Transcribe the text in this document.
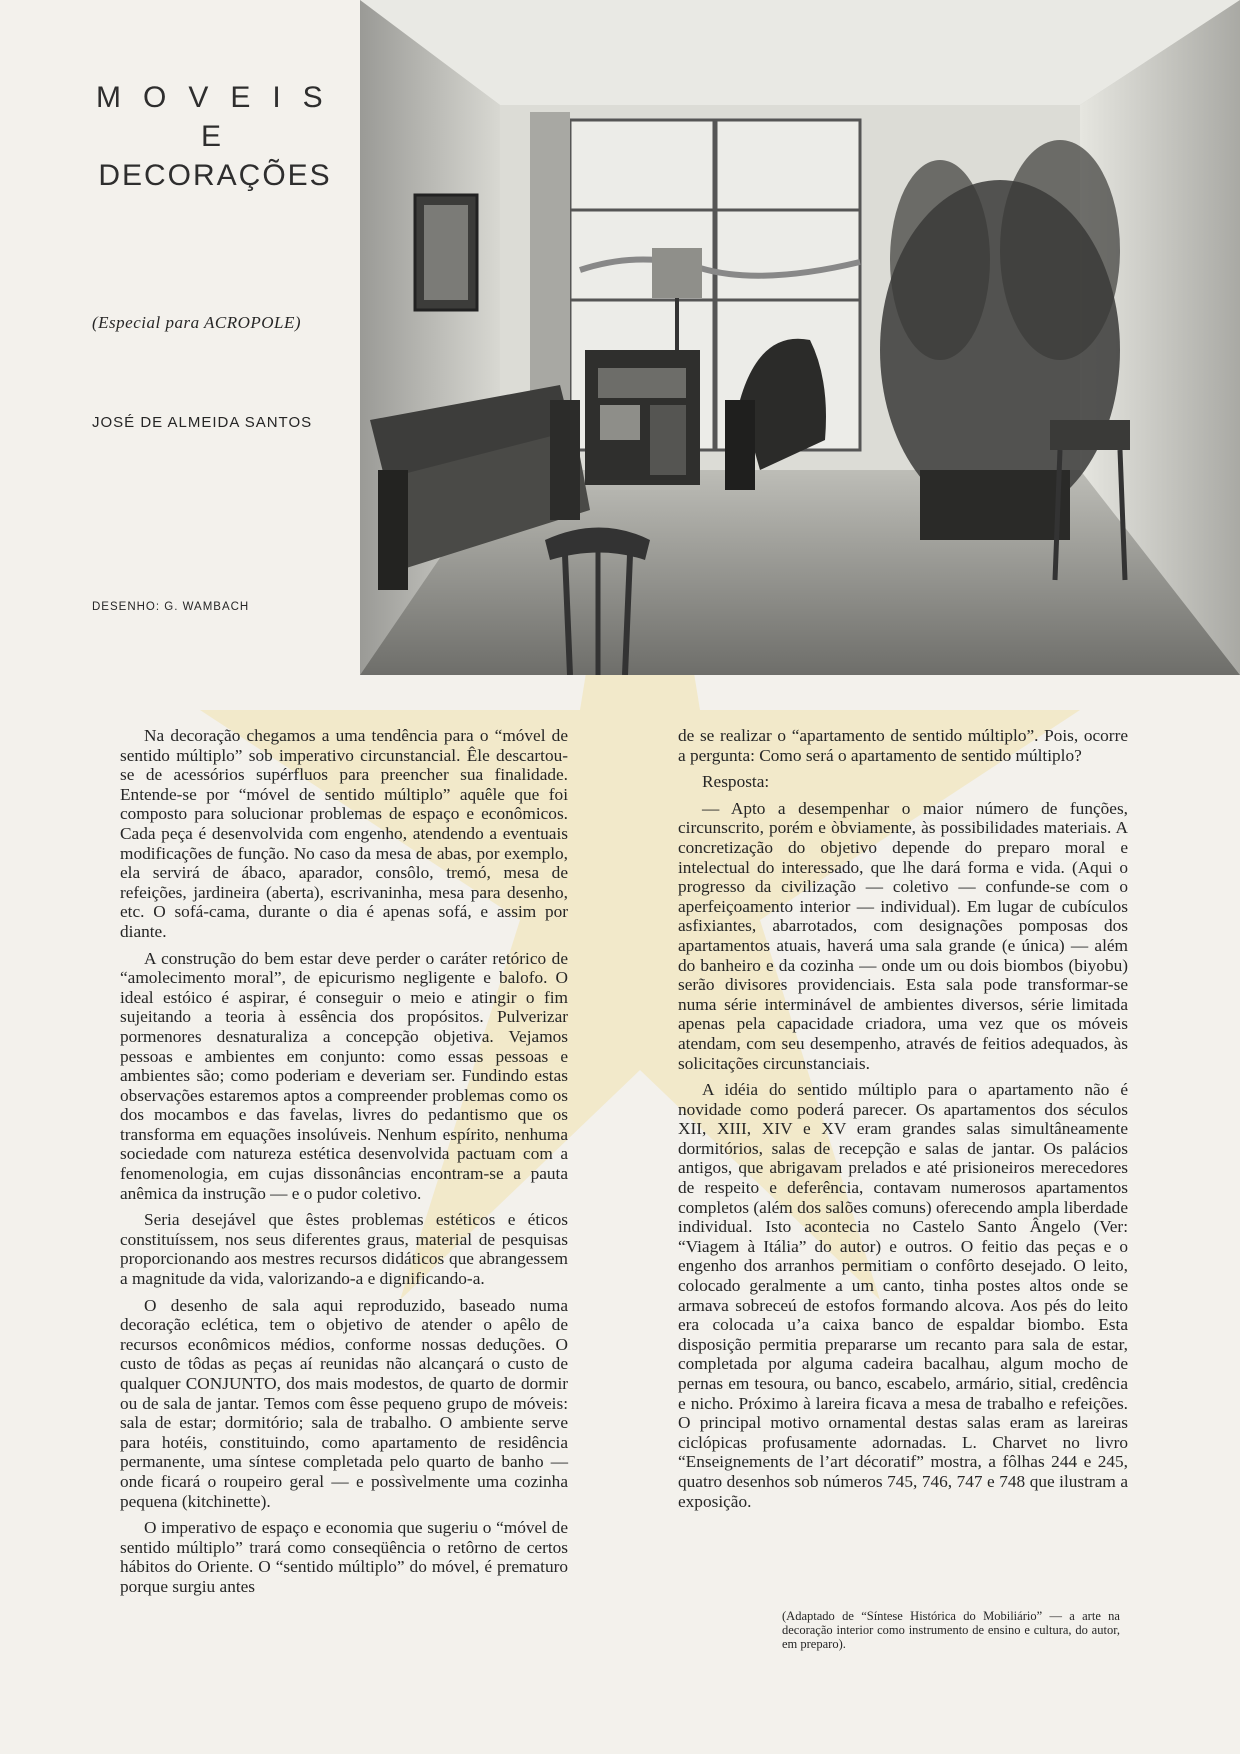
MOVEIS
E
DECORAÇÕES
(Especial para ACROPOLE)
JOSÉ DE ALMEIDA SANTOS
DESENHO: G. WAMBACH

Na decoração chegamos a uma tendência para o “móvel de sentido múltiplo” sob imperativo circunstancial. Êle descartou-se de acessórios supérfluos para preencher sua finalidade. Entende-se por “móvel de sentido múltiplo” aquêle que foi composto para solucionar problemas de espaço e econômicos. Cada peça é desenvolvida com engenho, atendendo a eventuais modificações de função. No caso da mesa de abas, por exemplo, ela servirá de ábaco, aparador, consôlo, tremó, mesa de refeições, jardineira (aberta), escrivaninha, mesa para desenho, etc. O sofá-cama, durante o dia é apenas sofá, e assim por diante.

A construção do bem estar deve perder o caráter retórico de “amolecimento moral”, de epicurismo negligente e balofo. O ideal estóico é aspirar, é conseguir o meio e atingir o fim sujeitando a teoria à essência dos propósitos. Pulverizar pormenores desnaturaliza a concepção objetiva. Vejamos pessoas e ambientes em conjunto: como essas pessoas e ambientes são; como poderiam e deveriam ser. Fundindo estas observações estaremos aptos a compreender problemas como os dos mocambos e das favelas, livres do pedantismo que os transforma em equações insolúveis. Nenhum espírito, nenhuma sociedade com natureza estética desenvolvida pactuam com a fenomenologia, em cujas dissonâncias encontram-se a pauta anêmica da instrução — e o pudor coletivo.

Seria desejável que êstes problemas estéticos e éticos constituíssem, nos seus diferentes graus, material de pesquisas proporcionando aos mestres recursos didáticos que abrangessem a magnitude da vida, valorizando-a e dignificando-a.

O desenho de sala aqui reproduzido, baseado numa decoração eclética, tem o objetivo de atender o apêlo de recursos econômicos médios, conforme nossas deduções. O custo de tôdas as peças aí reunidas não alcançará o custo de qualquer CONJUNTO, dos mais modestos, de quarto de dormir ou de sala de jantar. Temos com êsse pequeno grupo de móveis: sala de estar; dormitório; sala de trabalho. O ambiente serve para hotéis, constituindo, como apartamento de residência permanente, uma síntese completada pelo quarto de banho — onde ficará o roupeiro geral — e possìvelmente uma cozinha pequena (kitchinette).

O imperativo de espaço e economia que sugeriu o “móvel de sentido múltiplo” trará como conseqüência o retôrno de certos hábitos do Oriente. O “sentido múltiplo” do móvel, é prematuro porque surgiu antes

de se realizar o “apartamento de sentido múltiplo”. Pois, ocorre a pergunta: Como será o apartamento de sentido múltiplo?

Resposta:

— Apto a desempenhar o maior número de funções, circunscrito, porém e òbviamente, às possibilidades materiais. A concretização do objetivo depende do preparo moral e intelectual do interessado, que lhe dará forma e vida. (Aqui o progresso da civilização — coletivo — confunde-se com o aperfeiçoamento interior — individual). Em lugar de cubículos asfixiantes, abarrotados, com designações pomposas dos apartamentos atuais, haverá uma sala grande (e única) — além do banheiro e da cozinha — onde um ou dois biombos (biyobu) serão divisores providenciais. Esta sala pode transformar-se numa série interminável de ambientes diversos, série limitada apenas pela capacidade criadora, uma vez que os móveis atendam, com seu desempenho, através de feitios adequados, às solicitações circunstanciais.

A idéia do sentido múltiplo para o apartamento não é novidade como poderá parecer. Os apartamentos dos séculos XII, XIII, XIV e XV eram grandes salas simultâneamente dormitórios, salas de recepção e salas de jantar. Os palácios antigos, que abrigavam prelados e até prisioneiros merecedores de respeito e deferência, contavam numerosos apartamentos completos (além dos salões comuns) oferecendo ampla liberdade individual. Isto acontecia no Castelo Santo Ângelo (Ver: “Viagem à Itália” do autor) e outros. O feitio das peças e o engenho dos arranhos permitiam o confôrto desejado. O leito, colocado geralmente a um canto, tinha postes altos onde se armava sobreceú de estofos formando alcova. Aos pés do leito era colocada u’a caixa banco de espaldar biombo. Esta disposição permitia prepararse um recanto para sala de estar, completada por alguma cadeira bacalhau, algum mocho de pernas em tesoura, ou banco, escabelo, armário, sitial, credência e nicho. Próximo à lareira ficava a mesa de trabalho e refeições. O principal motivo ornamental destas salas eram as lareiras ciclópicas profusamente adornadas. L. Charvet no livro “Enseignements de l’art décoratif” mostra, a fôlhas 244 e 245, quatro desenhos sob números 745, 746, 747 e 748 que ilustram a exposição.

(Adaptado de “Síntese Histórica do Mobiliário” — a arte na decoração interior como instrumento de ensino e cultura, do autor, em preparo).
